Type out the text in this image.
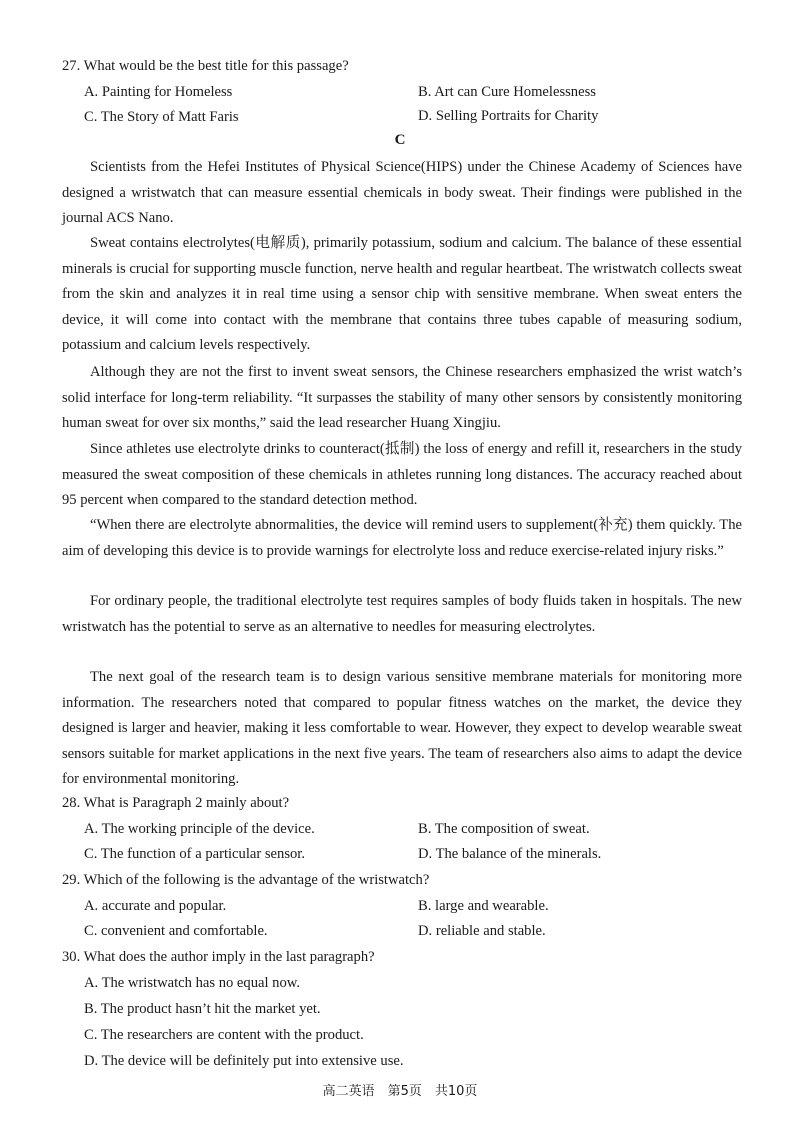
27. What would be the best title for this passage?
A. Painting for Homeless	B. Art can Cure Homelessness
C. The Story of Matt Faris	D. Selling Portraits for Charity
C

Scientists from the Hefei Institutes of Physical Science(HIPS) under the Chinese Academy of Sciences have designed a wristwatch that can measure essential chemicals in body sweat. Their findings were published in the journal ACS Nano.

Sweat contains electrolytes(电解质), primarily potassium, sodium and calcium. The balance of these essential minerals is crucial for supporting muscle function, nerve health and regular heartbeat. The wristwatch collects sweat from the skin and analyzes it in real time using a sensor chip with sensitive membrane. When sweat enters the device, it will come into contact with the membrane that contains three tubes capable of measuring sodium, potassium and calcium levels respectively.

Although they are not the first to invent sweat sensors, the Chinese researchers emphasized the wrist watch’s solid interface for long-term reliability. “It surpasses the stability of many other sensors by consistently monitoring human sweat for over six months,” said the lead researcher Huang Xingjiu.

Since athletes use electrolyte drinks to counteract(抵制) the loss of energy and refill it, researchers in the study measured the sweat composition of these chemicals in athletes running long distances. The accuracy reached about 95 percent when compared to the standard detection method.

“When there are electrolyte abnormalities, the device will remind users to supplement(补充) them quickly. The aim of developing this device is to provide warnings for electrolyte loss and reduce exercise-related injury risks.”

For ordinary people, the traditional electrolyte test requires samples of body fluids taken in hospitals. The new wristwatch has the potential to serve as an alternative to needles for measuring electrolytes.

The next goal of the research team is to design various sensitive membrane materials for monitoring more information. The researchers noted that compared to popular fitness watches on the market, the device they designed is larger and heavier, making it less comfortable to wear. However, they expect to develop wearable sweat sensors suitable for market applications in the next five years. The team of researchers also aims to adapt the device for environmental monitoring.

28. What is Paragraph 2 mainly about?
A. The working principle of the device.	B. The composition of sweat.
C. The function of a particular sensor.	D. The balance of the minerals.
29. Which of the following is the advantage of the wristwatch?
A. accurate and popular.	B. large and wearable.
C. convenient and comfortable.	D. reliable and stable.
30. What does the author imply in the last paragraph?
A. The wristwatch has no equal now.
B. The product hasn’t hit the market yet.
C. The researchers are content with the product.
D. The device will be definitely put into extensive use.
高二英语　第5页　共10页
